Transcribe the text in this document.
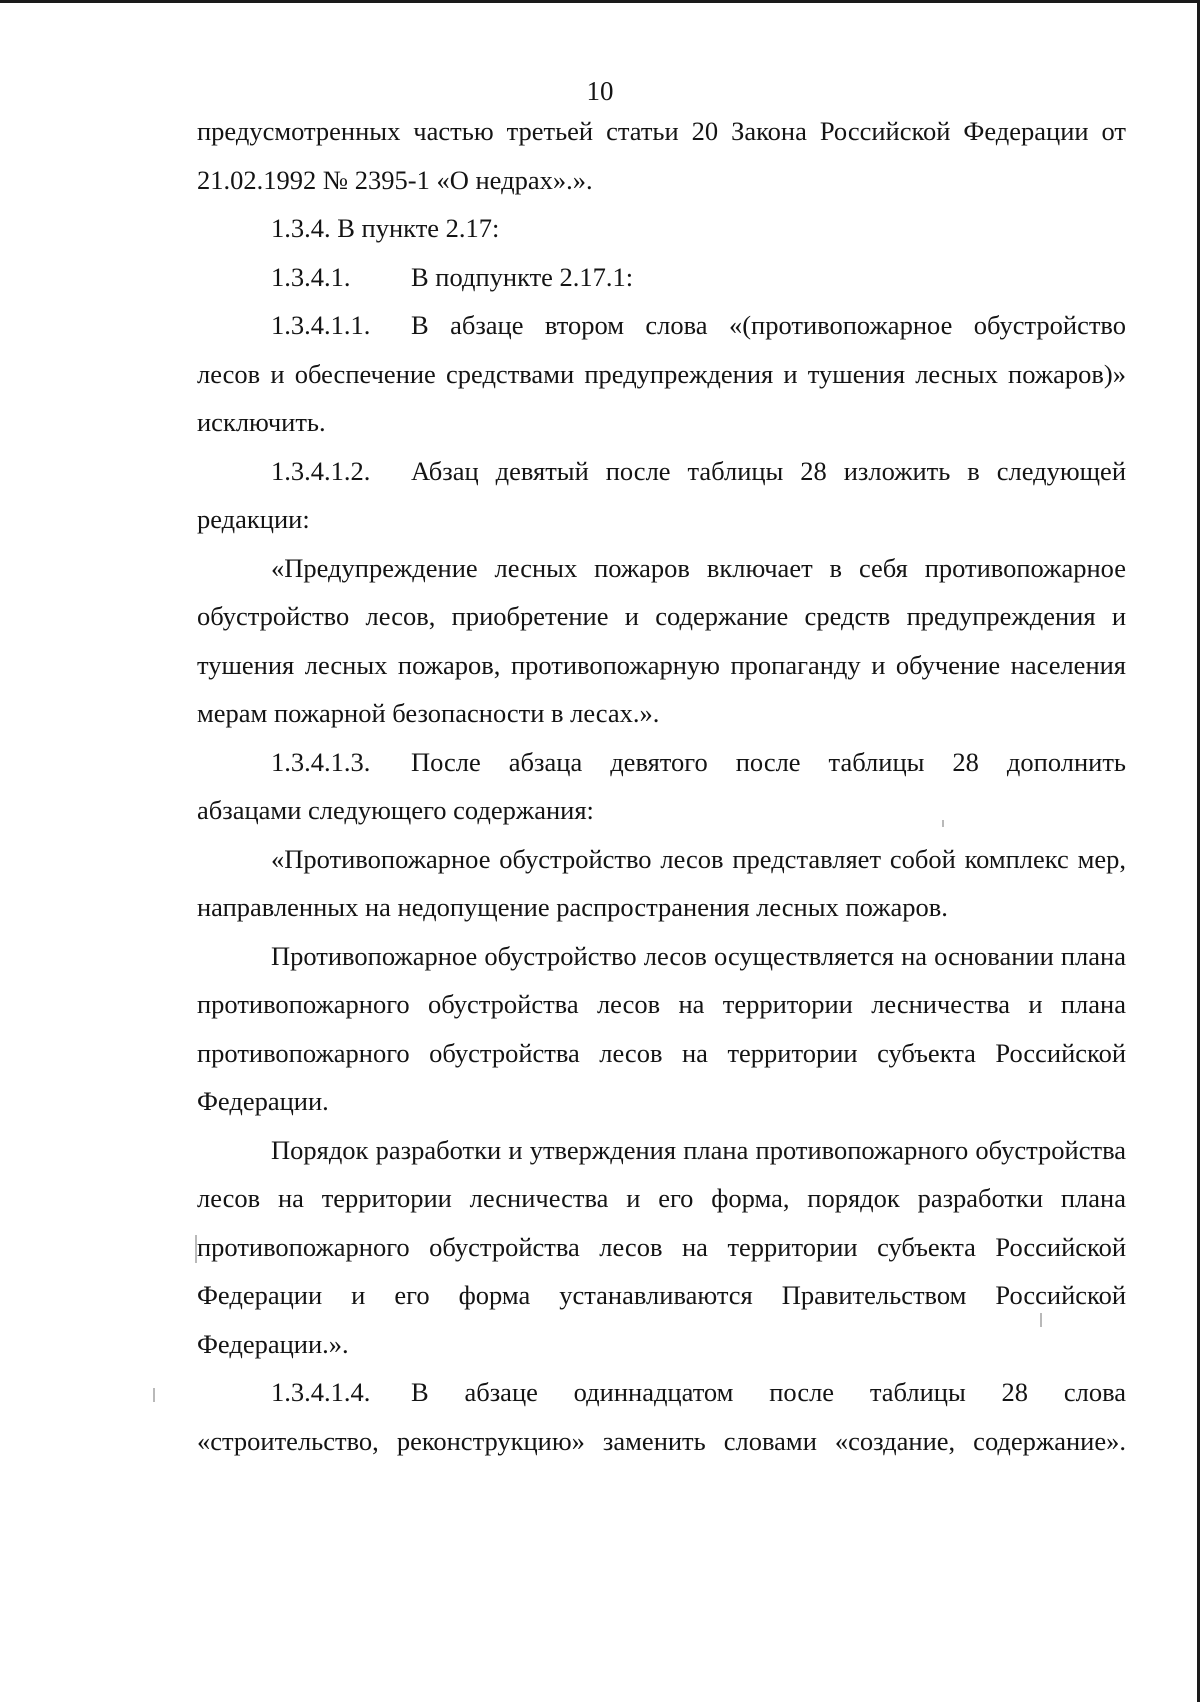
10

предусмотренных частью третьей статьи 20 Закона Российской Федерации от 21.02.1992 № 2395-1 «О недрах».».

1.3.4. В пункте 2.17:

1.3.4.1.	В подпункте 2.17.1:
1.3.4.1.1.	В абзаце втором слова «(противопожарное обустройство

лесов и обеспечение средствами предупреждения и тушения лесных пожаров)» исключить.

1.3.4.1.2.	Абзац девятый после таблицы 28 изложить в следующей

редакции:

«Предупреждение лесных пожаров включает в себя противопожарное обустройство лесов, приобретение и содержание средств предупреждения и тушения лесных пожаров, противопожарную пропаганду и обучение населения мерам пожарной безопасности в лесах.».

1.3.4.1.3.	После абзаца девятого после таблицы 28 дополнить

абзацами следующего содержания:

«Противопожарное обустройство лесов представляет собой комплекс мер, направленных на недопущение распространения лесных пожаров.

Противопожарное обустройство лесов осуществляется на основании плана противопожарного обустройства лесов на территории лесничества и плана противопожарного обустройства лесов на территории субъекта Российской Федерации.

Порядок разработки и утверждения плана противопожарного обустройства лесов на территории лесничества и его форма, порядок разработки плана противопожарного обустройства лесов на территории субъекта Российской Федерации и его форма устанавливаются Правительством Российской Федерации.».

1.3.4.1.4.	В абзаце одиннадцатом после таблицы 28 слова

«строительство, реконструкцию» заменить словами «создание, содержание».
